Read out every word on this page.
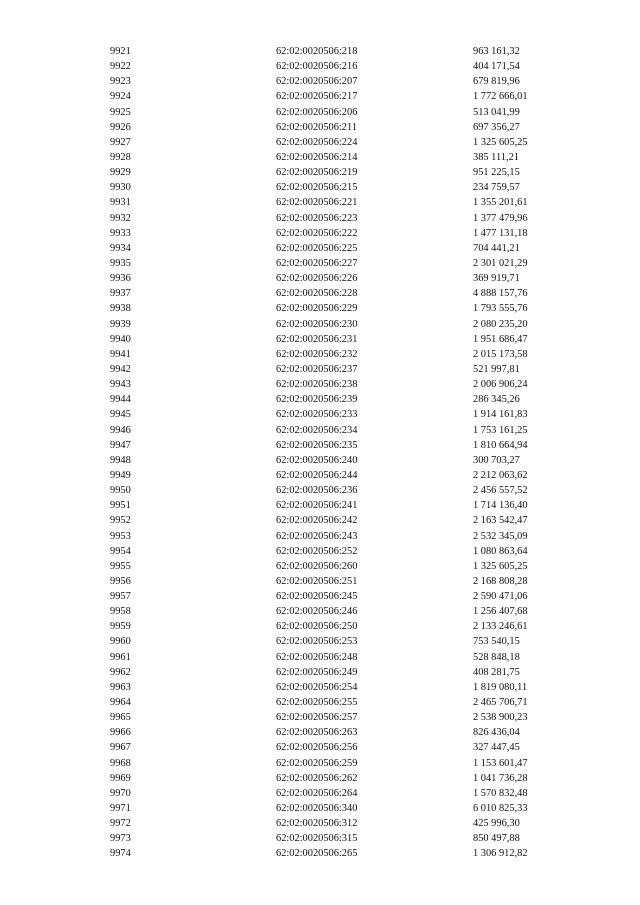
9921	62:02:0020506:218	963 161,32
9922	62:02:0020506:216	404 171,54
9923	62:02:0020506:207	679 819,96
9924	62:02:0020506:217	1 772 666,01
9925	62:02:0020506:206	513 041,99
9926	62:02:0020506:211	697 356,27
9927	62:02:0020506:224	1 325 605,25
9928	62:02:0020506:214	385 111,21
9929	62:02:0020506:219	951 225,15
9930	62:02:0020506:215	234 759,57
9931	62:02:0020506:221	1 355 201,61
9932	62:02:0020506:223	1 377 479,96
9933	62:02:0020506:222	1 477 131,18
9934	62:02:0020506:225	704 441,21
9935	62:02:0020506:227	2 301 021,29
9936	62:02:0020506:226	369 919,71
9937	62:02:0020506:228	4 888 157,76
9938	62:02:0020506:229	1 793 555,76
9939	62:02:0020506:230	2 080 235,20
9940	62:02:0020506:231	1 951 686,47
9941	62:02:0020506:232	2 015 173,58
9942	62:02:0020506:237	521 997,81
9943	62:02:0020506:238	2 006 906,24
9944	62:02:0020506:239	286 345,26
9945	62:02:0020506:233	1 914 161,83
9946	62:02:0020506:234	1 753 161,25
9947	62:02:0020506:235	1 810 664,94
9948	62:02:0020506:240	300 703,27
9949	62:02:0020506:244	2 212 063,62
9950	62:02:0020506:236	2 456 557,52
9951	62:02:0020506:241	1 714 136,40
9952	62:02:0020506:242	2 163 542,47
9953	62:02:0020506:243	2 532 345,09
9954	62:02:0020506:252	1 080 863,64
9955	62:02:0020506:260	1 325 605,25
9956	62:02:0020506:251	2 168 808,28
9957	62:02:0020506:245	2 590 471,06
9958	62:02:0020506:246	1 256 407,68
9959	62:02:0020506:250	2 133 246,61
9960	62:02:0020506:253	753 540,15
9961	62:02:0020506:248	528 848,18
9962	62:02:0020506:249	408 281,75
9963	62:02:0020506:254	1 819 080,11
9964	62:02:0020506:255	2 465 706,71
9965	62:02:0020506:257	2 538 900,23
9966	62:02:0020506:263	826 436,04
9967	62:02:0020506:256	327 447,45
9968	62:02:0020506:259	1 153 601,47
9969	62:02:0020506:262	1 041 736,28
9970	62:02:0020506:264	1 570 832,48
9971	62:02:0020506:340	6 010 825,33
9972	62:02:0020506:312	425 996,30
9973	62:02:0020506:315	850 497,88
9974	62:02:0020506:265	1 306 912,82
